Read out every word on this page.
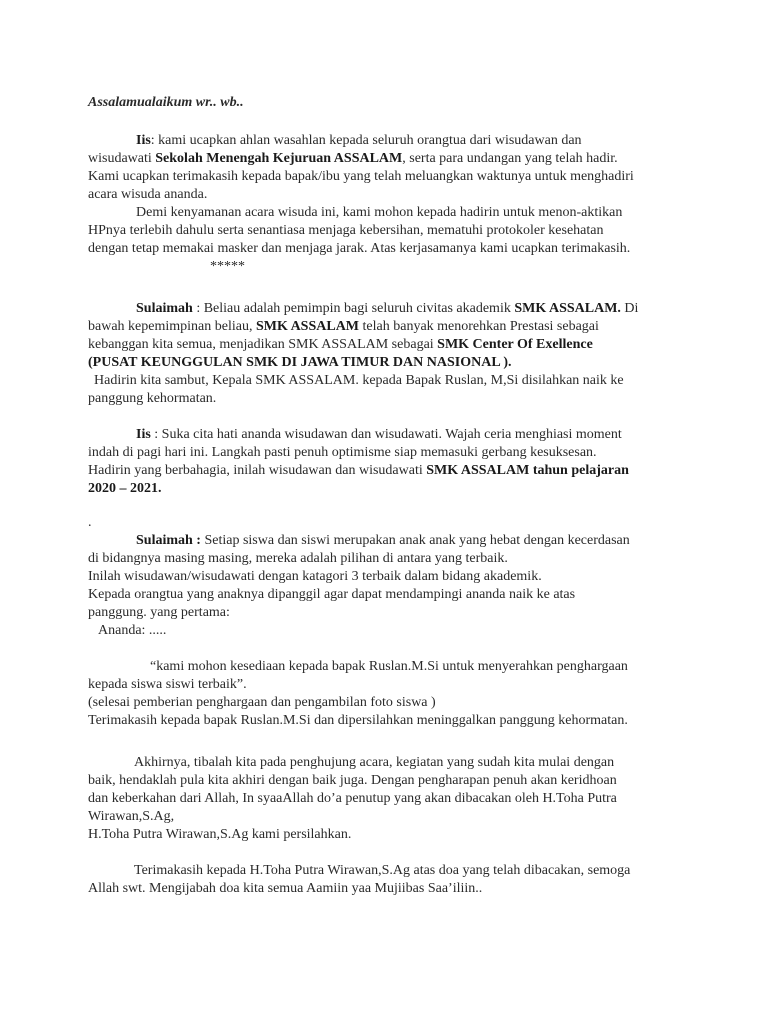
Assalamualaikum wr.. wb..

Iis: kami ucapkan ahlan wasahlan kepada seluruh orangtua dari wisudawan dan
wisudawati Sekolah Menengah Kejuruan ASSALAM, serta para undangan yang telah hadir.
Kami ucapkan terimakasih kepada bapak/ibu yang telah meluangkan waktunya untuk menghadiri
acara wisuda ananda.
Demi kenyamanan acara wisuda ini, kami mohon kepada hadirin untuk menon-aktikan
HPnya terlebih dahulu serta senantiasa menjaga kebersihan, mematuhi protokoler kesehatan
dengan tetap memakai masker dan menjaga jarak. Atas kerjasamanya kami ucapkan terimakasih.
*****
Sulaimah : Beliau adalah pemimpin bagi seluruh civitas akademik SMK ASSALAM. Di
bawah kepemimpinan beliau, SMK ASSALAM telah banyak menorehkan Prestasi sebagai
kebanggan kita semua, menjadikan SMK ASSALAM sebagai SMK Center Of Exellence
(PUSAT KEUNGGULAN SMK DI JAWA TIMUR DAN NASIONAL ).
Hadirin kita sambut, Kepala SMK ASSALAM. kepada Bapak Ruslan, M,Si disilahkan naik ke
panggung kehormatan.
Iis : Suka cita hati ananda wisudawan dan wisudawati. Wajah ceria menghiasi moment
indah di pagi hari ini. Langkah pasti penuh optimisme siap memasuki gerbang kesuksesan.
Hadirin yang berbahagia, inilah wisudawan dan wisudawati SMK ASSALAM tahun pelajaran
2020 – 2021.
.
Sulaimah : Setiap siswa dan siswi merupakan anak anak yang hebat dengan kecerdasan
di bidangnya masing masing, mereka adalah pilihan di antara yang terbaik.
Inilah wisudawan/wisudawati dengan katagori 3 terbaik dalam bidang akademik.
Kepada orangtua yang anaknya dipanggil agar dapat mendampingi ananda naik ke atas
panggung. yang pertama:
Ananda: .....
“kami mohon kesediaan kepada bapak Ruslan.M.Si untuk menyerahkan penghargaan
kepada siswa siswi terbaik”.
(selesai pemberian penghargaan dan pengambilan foto siswa )
Terimakasih kepada bapak Ruslan.M.Si dan dipersilahkan meninggalkan panggung kehormatan.
Akhirnya, tibalah kita pada penghujung acara, kegiatan yang sudah kita mulai dengan
baik, hendaklah pula kita akhiri dengan baik juga. Dengan pengharapan penuh akan keridhoan
dan keberkahan dari Allah, In syaaAllah do’a penutup yang akan dibacakan oleh H.Toha Putra
Wirawan,S.Ag,
H.Toha Putra Wirawan,S.Ag kami persilahkan.
Terimakasih kepada H.Toha Putra Wirawan,S.Ag atas doa yang telah dibacakan, semoga
Allah swt. Mengijabah doa kita semua Aamiin yaa Mujiibas Saa’iliin..
